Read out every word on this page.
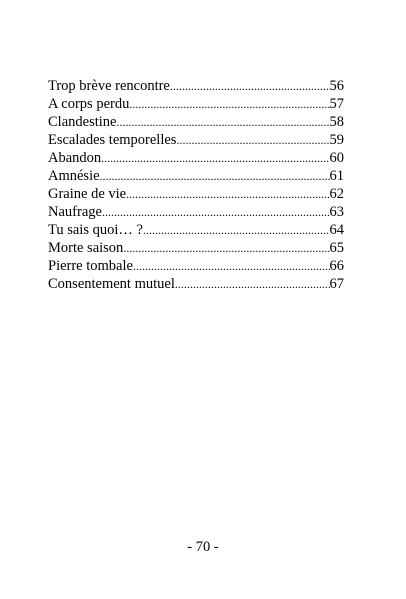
Trop brève rencontre .....	56
A corps perdu .....	57
Clandestine .....	58
Escalades temporelles .....	59
Abandon .....	60
Amnésie .....	61
Graine de vie .....	62
Naufrage .....	63
Tu sais quoi… ? .....	64
Morte saison .....	65
Pierre tombale .....	66
Consentement mutuel .....	67
- 70 -
